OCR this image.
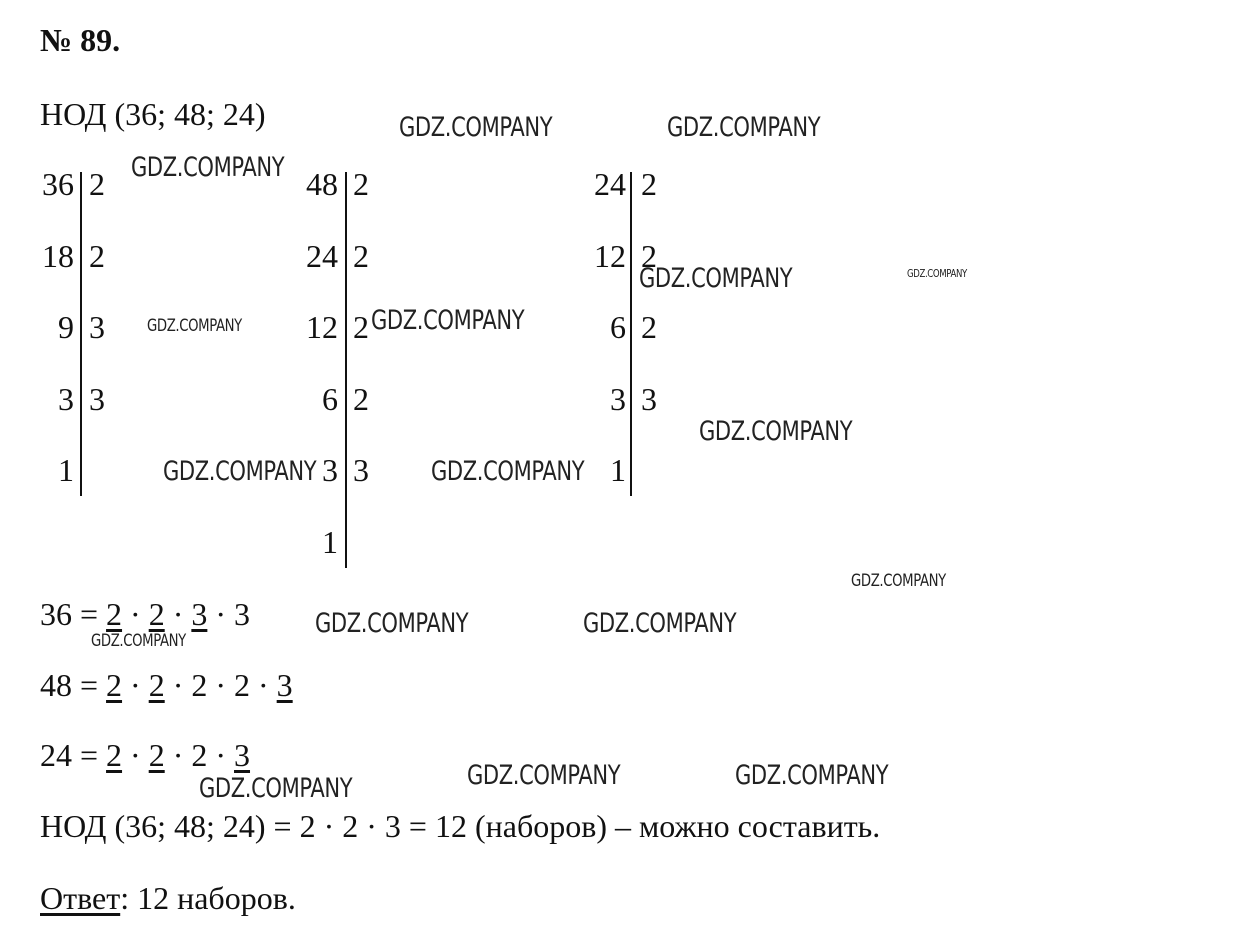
№ 89.
НОД (36; 48; 24)
36 2
18 2
9 3
3 3
1
48 2
24 2
12 2
6 2
3 3
1
24 2
12 2
6 2
3 3
1
36 = 2 · 2 · 3 · 3
48 = 2 · 2 · 2 · 2 · 3
24 = 2 · 2 · 2 · 3
НОД (36; 48; 24) = 2 · 2 · 3 = 12 (наборов) – можно составить.
Ответ: 12 наборов.
GDZ.COMPANY	GDZ.COMPANY
GDZ.COMPANY
GDZ.COMPANY	GDZ.COMPANY
GDZ.COMPANY	GDZ.COMPANY
GDZ.COMPANY
GDZ.COMPANY	GDZ.COMPANY
GDZ.COMPANY
GDZ.COMPANY	GDZ.COMPANY
GDZ.COMPANY
GDZ.COMPANY	GDZ.COMPANY
GDZ.COMPANY
